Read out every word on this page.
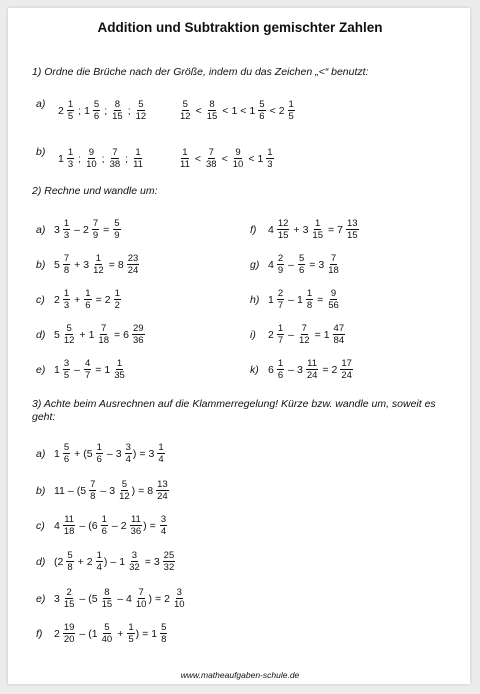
Addition und Subtraktion gemischter Zahlen
1) Ordne die Brüche nach der Größe, indem du das Zeichen „<“ benutzt:
a)
$2 \frac{1}{5}$ ; $1 \frac{5}{6}$ ; $\frac{8}{15}$ ; $\frac{5}{12}$	$\frac{5}{12} < \frac{8}{15} < 1 < 1 \frac{5}{6} < 2 \frac{1}{5}$
b)
$1 \frac{1}{3}$ ; $\frac{9}{10}$ ; $\frac{7}{38}$ ; $\frac{1}{11}$	$\frac{1}{11} < \frac{7}{38} < \frac{9}{10} < 1 \frac{1}{3}$
2) Rechne und wandle um:
3) Achte beim Ausrechnen auf die Klammerregelung! Kürze bzw. wandle um, soweit es geht:
www.matheaufgaben-schule.de
a) $3 \frac{1}{3} - 2 \frac{7}{9} = \frac{5}{9}$
b) $5 \frac{7}{8} + 3 \frac{1}{12} = 8 \frac{23}{24}$
c) $2 \frac{1}{3} + \frac{1}{6} = 2 \frac{1}{2}$
d) $5 \frac{5}{12} + 1 \frac{7}{18} = 6 \frac{29}{36}$
e) $1 \frac{3}{5} - \frac{4}{7} = 1 \frac{1}{35}$
f)	$4 \frac{12}{15} + 3 \frac{1}{15} = 7 \frac{13}{15}$
g) $4 \frac{2}{9} - \frac{5}{6} = 3 \frac{7}{18}$
h) $1 \frac{2}{7} - 1 \frac{1}{8} = \frac{9}{56}$
i)	$2 \frac{1}{7} - \frac{7}{12} = 1 \frac{47}{84}$
k) $6 \frac{1}{6} - 3 \frac{11}{24} = 2 \frac{17}{24}$
a) $1 \frac{5}{6}$ + ( $5 \frac{1}{6} - 3 \frac{3}{4}$ ) = $3 \frac{1}{4}$
b) 11 – ( $5 \frac{7}{8} - 3 \frac{5}{12}$ ) = $8 \frac{13}{24}$
c) $4 \frac{11}{18}$ – ( $6 \frac{1}{6} - 2 \frac{11}{36}$ ) = $\frac{3}{4}$
d) ( $2 \frac{5}{8} + 2 \frac{1}{4}$ ) – $1 \frac{3}{32} = 3 \frac{25}{32}$
e) $3 \frac{2}{15}$ – ( $5 \frac{8}{15} - 4 \frac{7}{10}$ ) = $2 \frac{3}{10}$
f)	$2 \frac{19}{20}$ – ( $1 \frac{5}{40} + \frac{1}{5}$ ) = $1 \frac{5}{8}$
